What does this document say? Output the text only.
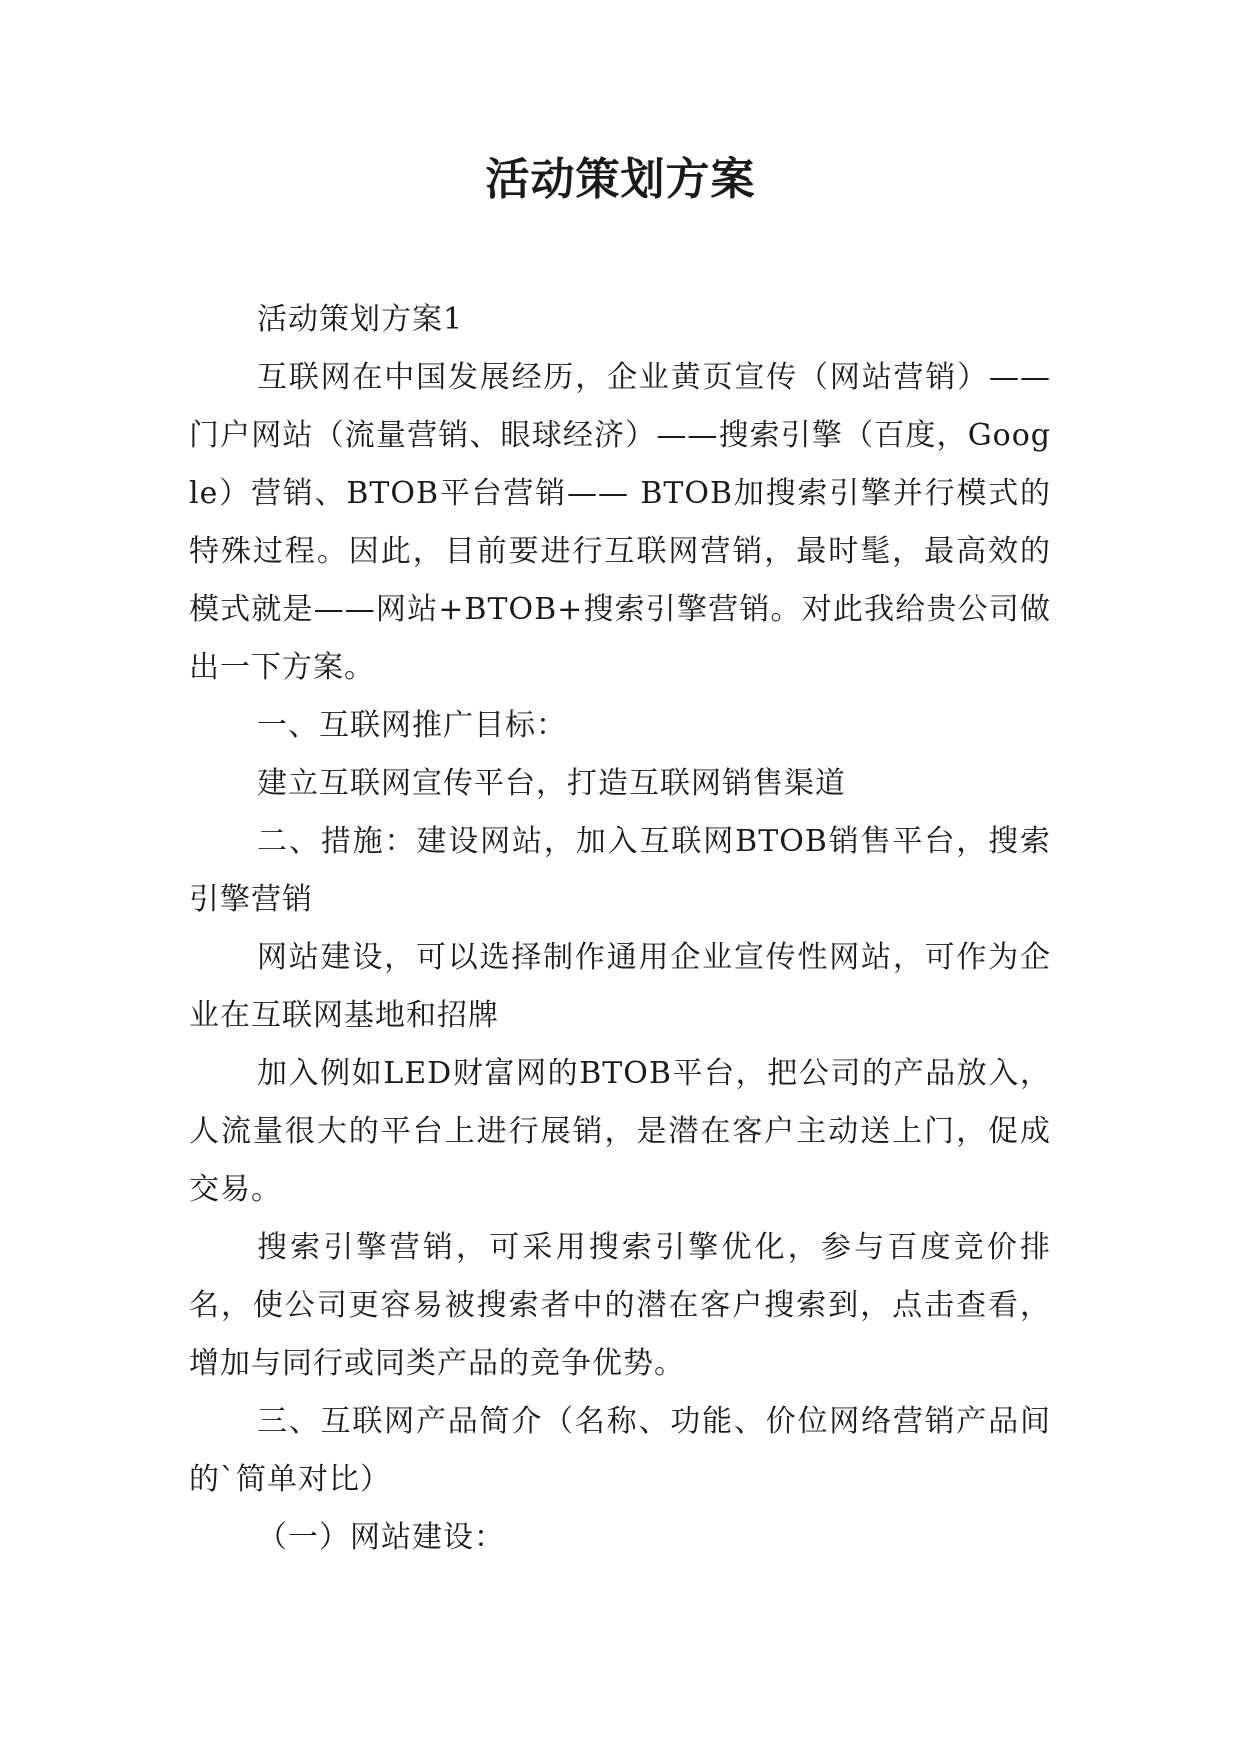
活动策划方案

活动策划方案1

互联网在中国发展经历，企业黄页宣传（网站营销）——门户网站（流量营销、眼球经济）——搜索引擎（百度，Google）营销、BTOB平台营销—— BTOB加搜索引擎并行模式的特殊过程。因此，目前要进行互联网营销，最时髦，最高效的模式就是——网站+BTOB+搜索引擎营销。对此我给贵公司做出一下方案。

一、互联网推广目标：

建立互联网宣传平台，打造互联网销售渠道

二、措施：建设网站，加入互联网BTOB销售平台，搜索引擎营销

网站建设，可以选择制作通用企业宣传性网站，可作为企业在互联网基地和招牌

加入例如LED财富网的BTOB平台，把公司的产品放入，人流量很大的平台上进行展销，是潜在客户主动送上门，促成交易。

搜索引擎营销，可采用搜索引擎优化，参与百度竞价排名，使公司更容易被搜索者中的潜在客户搜索到，点击查看，增加与同行或同类产品的竞争优势。

三、互联网产品简介（名称、功能、价位网络营销产品间的`简单对比）

（一）网站建设：
